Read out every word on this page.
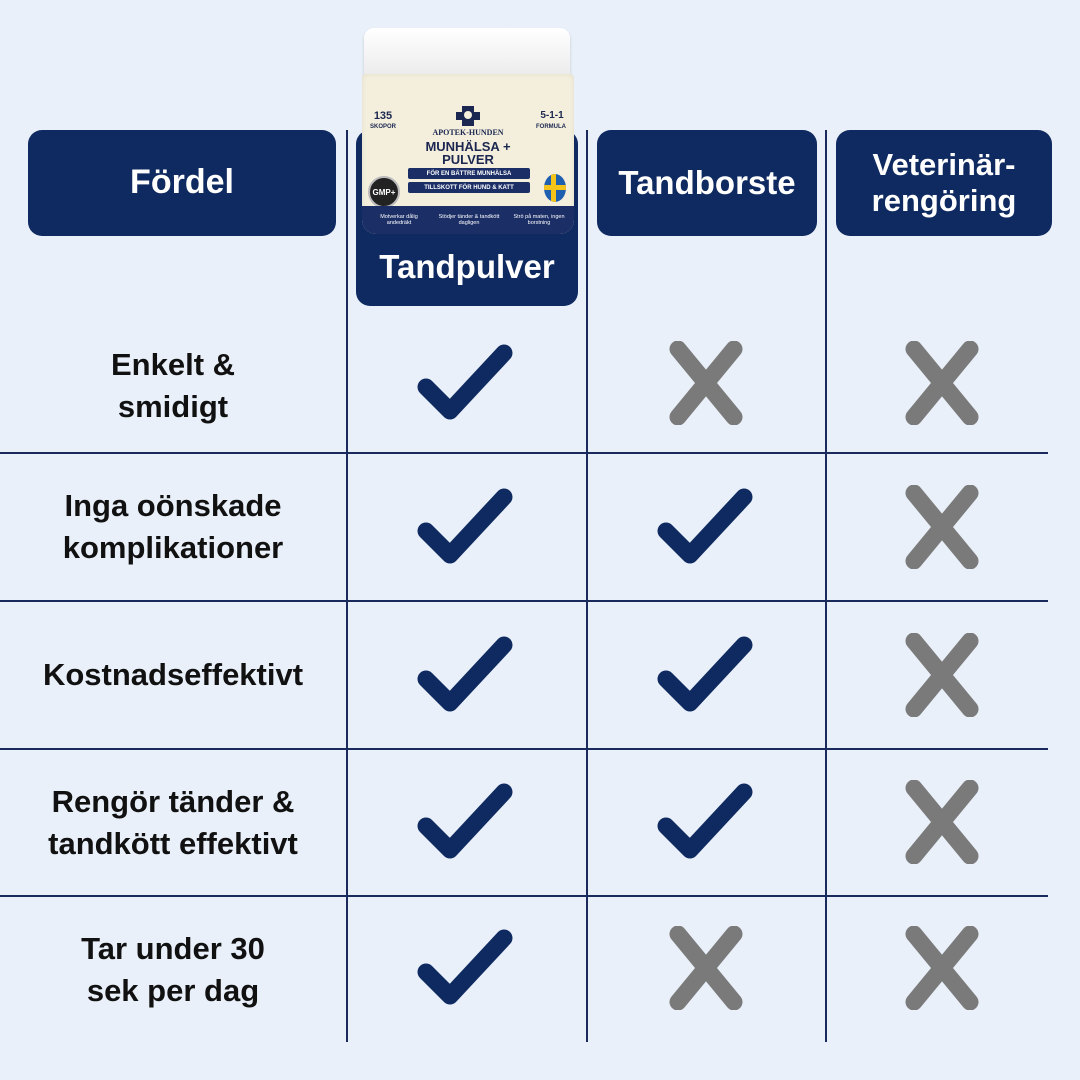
Fördel
Tandpulver
Tandborste	Veterinär-
rengöring
135
SKOPOR
5-1-1
FORMULA
APOTEK-HUNDEN
MUNHÄLSA +
PULVER
FÖR EN BÄTTRE MUNHÄLSA
TILLSKOTT FÖR HUND & KATT
GMP+
Motverkar dålig andedräkt
Stödjer tänder & tandkött dagligen
Strö på maten, ingen borstning
Enkelt &
smidigt
Inga oönskade
komplikationer
Kostnadseffektivt
Rengör tänder &
tandkött effektivt
Tar under 30
sek per dag
